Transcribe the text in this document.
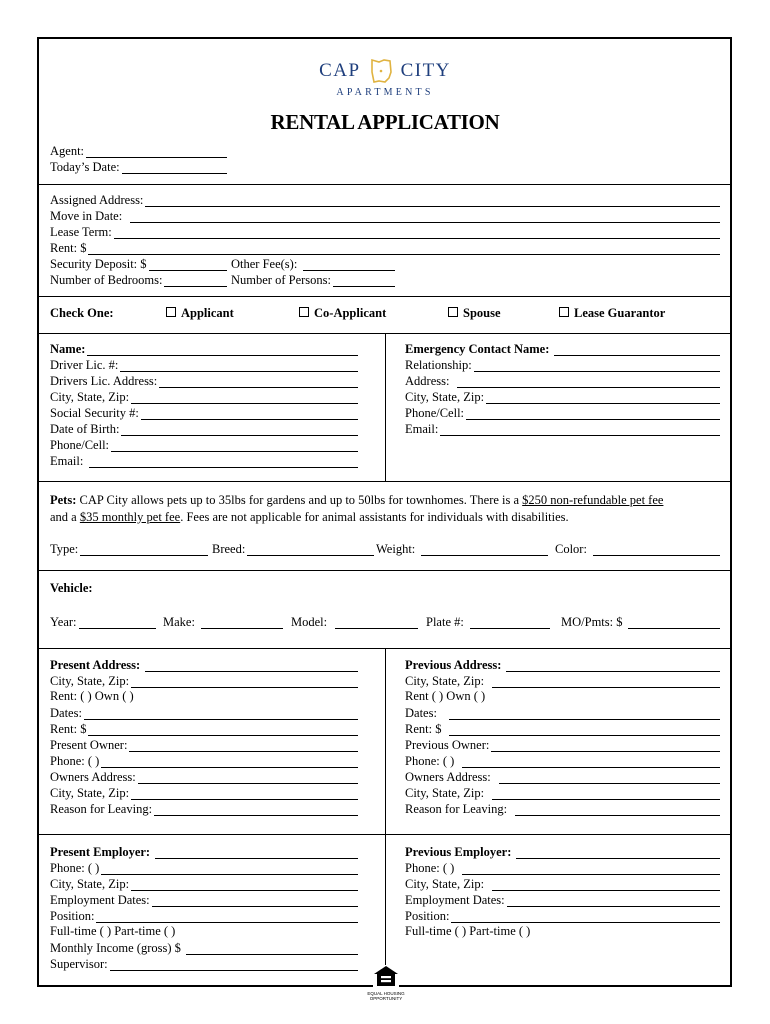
CAP CITY
APARTMENTS
RENTAL APPLICATION
Agent:
Today’s Date:
Assigned Address:
Move in Date:
Lease Term:
Rent: $
Security Deposit: $	Other Fee(s):
Number of Bedrooms:	Number of Persons:
Check One:	Applicant	Co-Applicant	Spouse	Lease Guarantor
Name:
Driver Lic. #:
Drivers Lic. Address:
City, State, Zip:
Social Security #:
Date of Birth:
Phone/Cell:
Email:
Emergency Contact Name:
Relationship:
Address:
City, State, Zip:
Phone/Cell:
Email:
Pets: CAP City allows pets up to 35lbs for gardens and up to 50lbs for townhomes. There is a $250 non-refundable pet fee
and a $35 monthly pet fee. Fees are not applicable for animal assistants for individuals with disabilities.
Type:	Breed:	Weight:	Color:
Vehicle:
Year:	Make:	Model:	Plate #:	MO/Pmts: $
Present Address:
City, State, Zip:
Rent: ( ) Own ( )
Dates:
Rent: $
Present Owner:
Phone: ( )
Owners Address:
City, State, Zip:
Reason for Leaving:
Previous Address:
City, State, Zip:
Rent ( ) Own ( )
Dates:
Rent: $
Previous Owner:
Phone: ( )
Owners Address:
City, State, Zip:
Reason for Leaving:
Present Employer:
Phone: ( )
City, State, Zip:
Employment Dates:
Position:
Full-time ( ) Part-time ( )
Monthly Income (gross) $
Supervisor:
Previous Employer:
Phone: ( )
City, State, Zip:
Employment Dates:
Position:
Full-time ( ) Part-time ( )
EQUAL HOUSING
OPPORTUNITY
